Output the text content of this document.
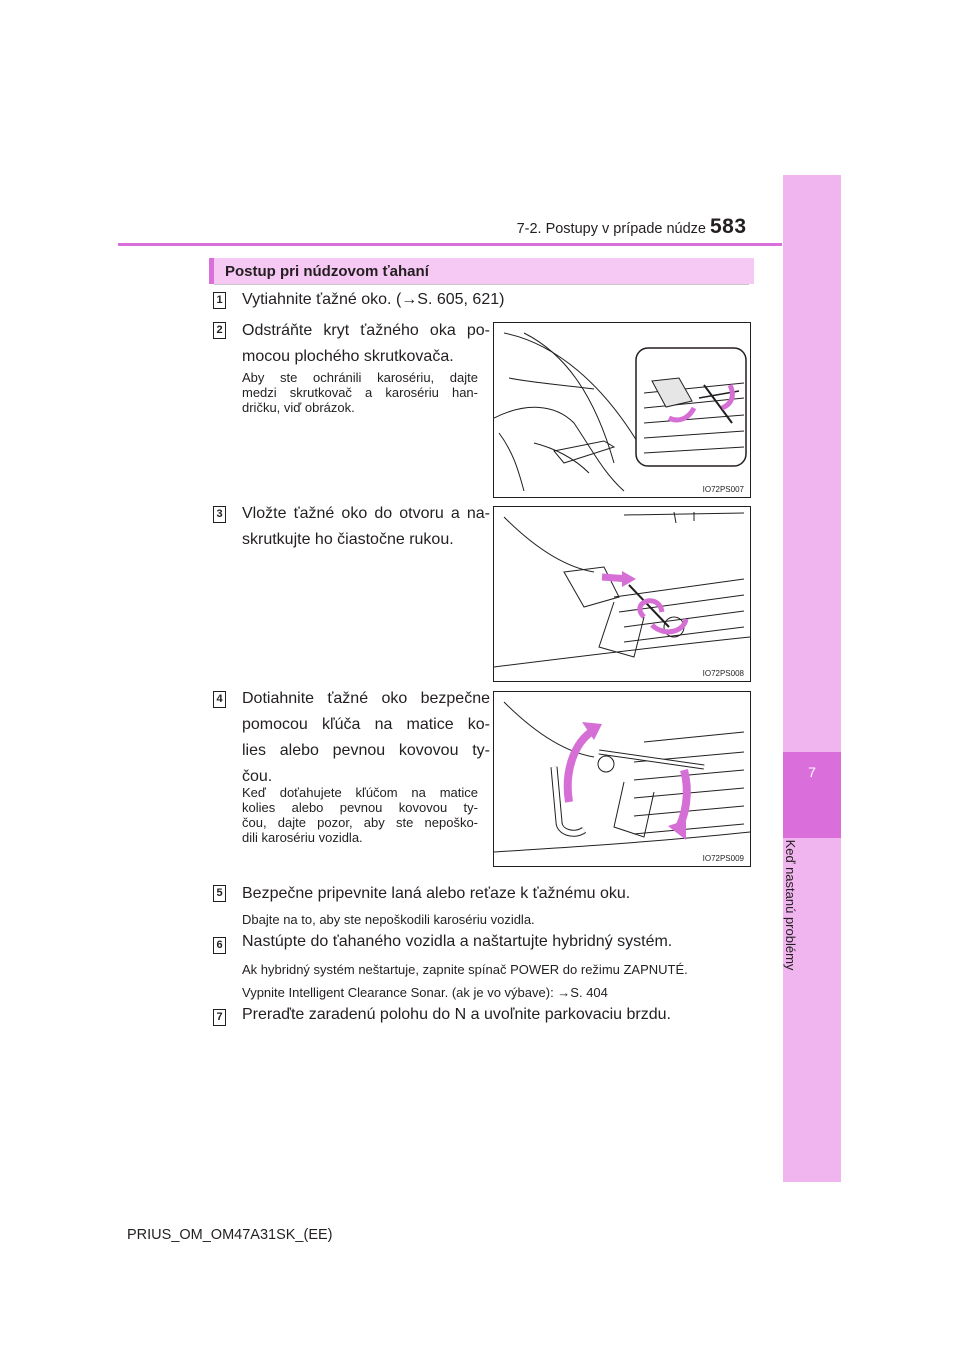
7
Keď nastanú problémy
7-2. Postupy v prípade núdze 583
Postup pri núdzovom ťahaní
1 Vytiahnite ťažné oko. (→S. 605, 621)
2 Odstráňte kryt ťažného oka po-
mocou plochého skrutkovača.
Aby ste ochránili karosériu, dajte
medzi skrutkovač a karosériu han-
dričku, viď obrázok.
IO72PS007
3 Vložte ťažné oko do otvoru a na-
skrutkujte ho čiastočne rukou.
IO72PS008
4 Dotiahnite ťažné oko bezpečne
pomocou kľúča na matice ko-
lies alebo pevnou kovovou ty-
čou.
Keď doťahujete kľúčom na matice
kolies alebo pevnou kovovou ty-
čou, dajte pozor, aby ste nepoško-
dili karosériu vozidla.
IO72PS009
5 Bezpečne pripevnite laná alebo reťaze k ťažnému oku.
Dbajte na to, aby ste nepoškodili karosériu vozidla.
6 Nastúpte do ťahaného vozidla a naštartujte hybridný systém.
Ak hybridný systém neštartuje, zapnite spínač POWER do režimu ZAPNUTÉ.
Vypnite Intelligent Clearance Sonar. (ak je vo výbave): →S. 404
7 Preraďte zaradenú polohu do N a uvoľnite parkovaciu brzdu.
PRIUS_OM_OM47A31SK_(EE)
